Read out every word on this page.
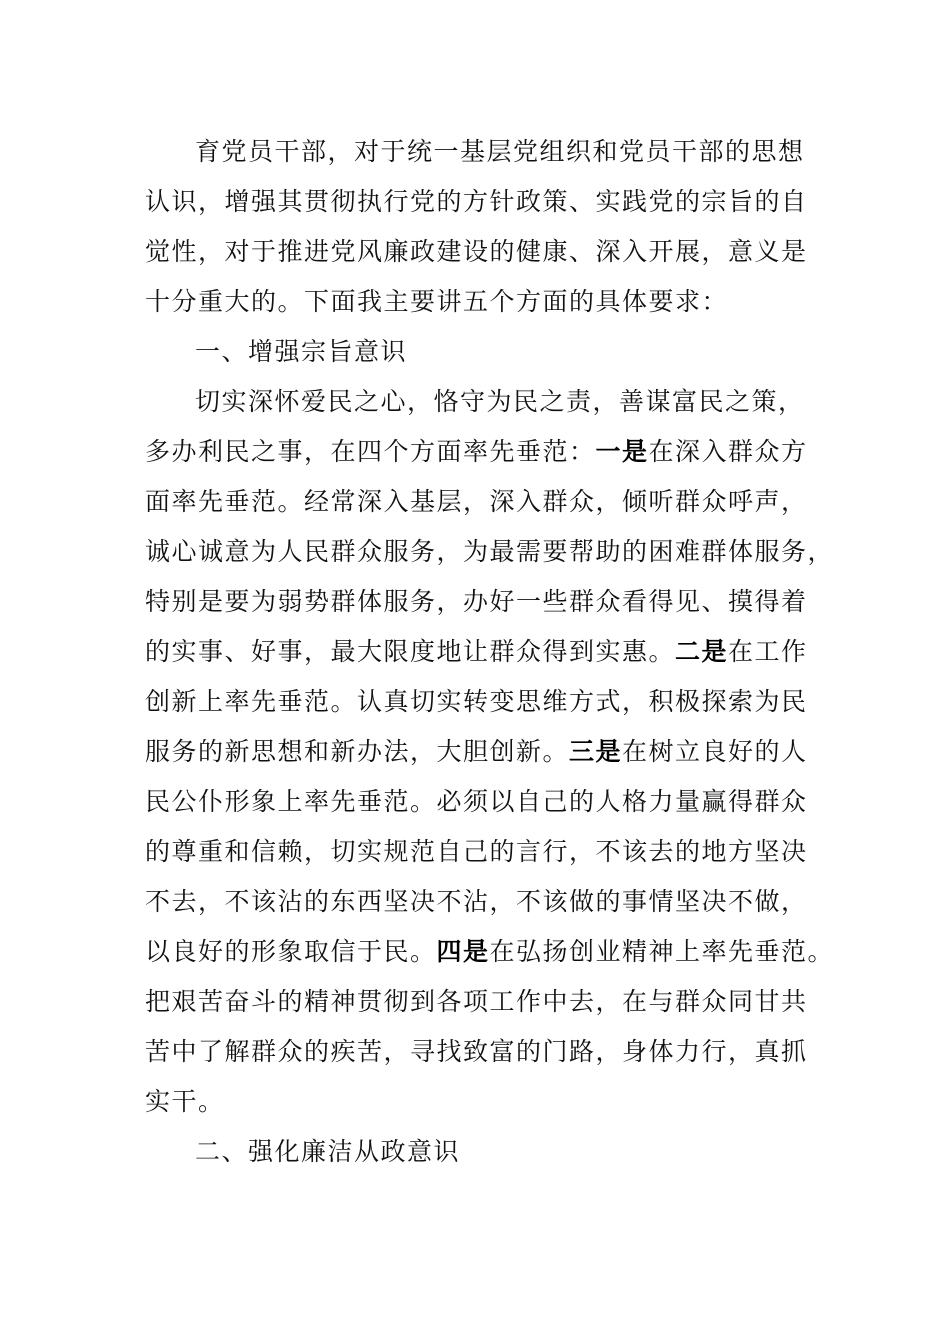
育党员干部，对于统一基层党组织和党员干部的思想
认识，增强其贯彻执行党的方针政策、实践党的宗旨的自
觉性，对于推进党风廉政建设的健康、深入开展，意义是
十分重大的。下面我主要讲五个方面的具体要求：
一、增强宗旨意识
切实深怀爱民之心，恪守为民之责，善谋富民之策，
多办利民之事，在四个方面率先垂范：一是在深入群众方
面率先垂范。经常深入基层，深入群众，倾听群众呼声，
诚心诚意为人民群众服务，为最需要帮助的困难群体服务，
特别是要为弱势群体服务，办好一些群众看得见、摸得着
的实事、好事，最大限度地让群众得到实惠。二是在工作
创新上率先垂范。认真切实转变思维方式，积极探索为民
服务的新思想和新办法，大胆创新。三是在树立良好的人
民公仆形象上率先垂范。必须以自己的人格力量赢得群众
的尊重和信赖，切实规范自己的言行，不该去的地方坚决
不去，不该沾的东西坚决不沾，不该做的事情坚决不做，
以良好的形象取信于民。四是在弘扬创业精神上率先垂范。
把艰苦奋斗的精神贯彻到各项工作中去，在与群众同甘共
苦中了解群众的疾苦，寻找致富的门路，身体力行，真抓
实干。
二、强化廉洁从政意识
